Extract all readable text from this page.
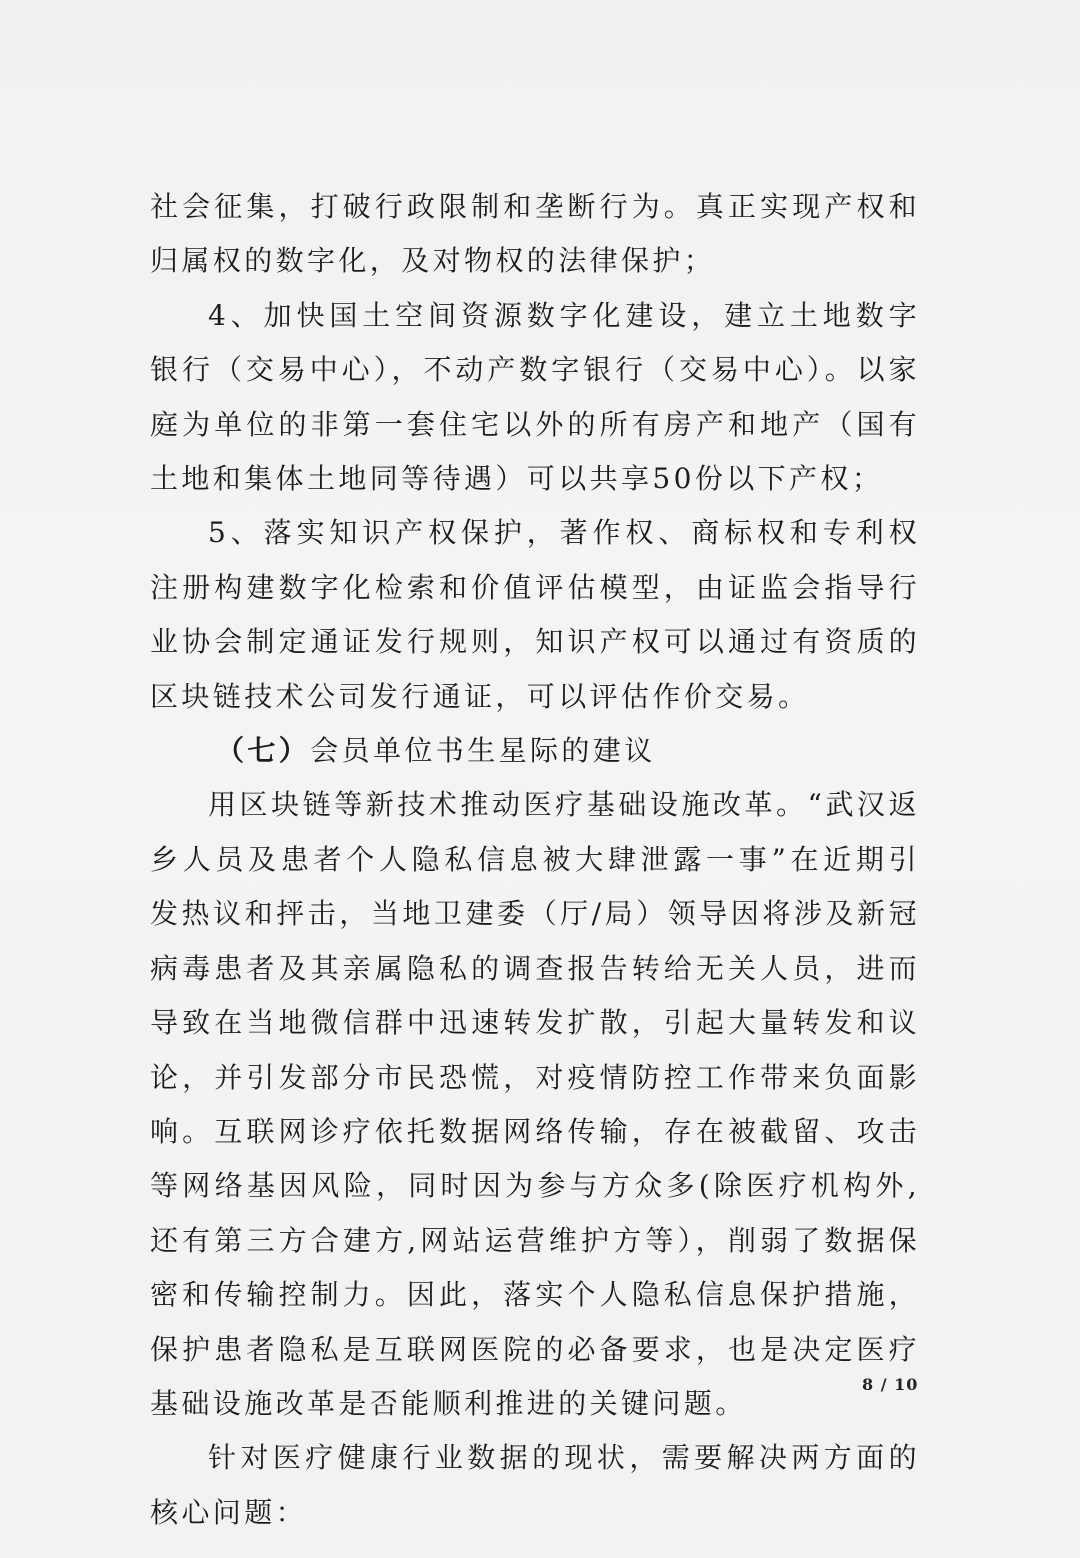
社会征集，打破行政限制和垄断行为。真正实现产权和归属权的数字化，及对物权的法律保护；

4、加快国土空间资源数字化建设，建立土地数字银行（交易中心），不动产数字银行（交易中心）。以家庭为单位的非第一套住宅以外的所有房产和地产（国有土地和集体土地同等待遇）可以共享50份以下产权；

5、落实知识产权保护，著作权、商标权和专利权注册构建数字化检索和价值评估模型，由证监会指导行业协会制定通证发行规则，知识产权可以通过有资质的区块链技术公司发行通证，可以评估作价交易。

（七）会员单位书生星际的建议

用区块链等新技术推动医疗基础设施改革。“武汉返乡人员及患者个人隐私信息被大肆泄露一事”在近期引发热议和抨击，当地卫建委（厅/局）领导因将涉及新冠病毒患者及其亲属隐私的调查报告转给无关人员，进而导致在当地微信群中迅速转发扩散，引起大量转发和议论，并引发部分市民恐慌，对疫情防控工作带来负面影响。互联网诊疗依托数据网络传输，存在被截留、攻击等网络基因风险，同时因为参与方众多(除医疗机构外,还有第三方合建方,网站运营维护方等），削弱了数据保密和传输控制力。因此，落实个人隐私信息保护措施，保护患者隐私是互联网医院的必备要求，也是决定医疗基础设施改革是否能顺利推进的关键问题。

针对医疗健康行业数据的现状，需要解决两方面的核心问题：

8 / 10
